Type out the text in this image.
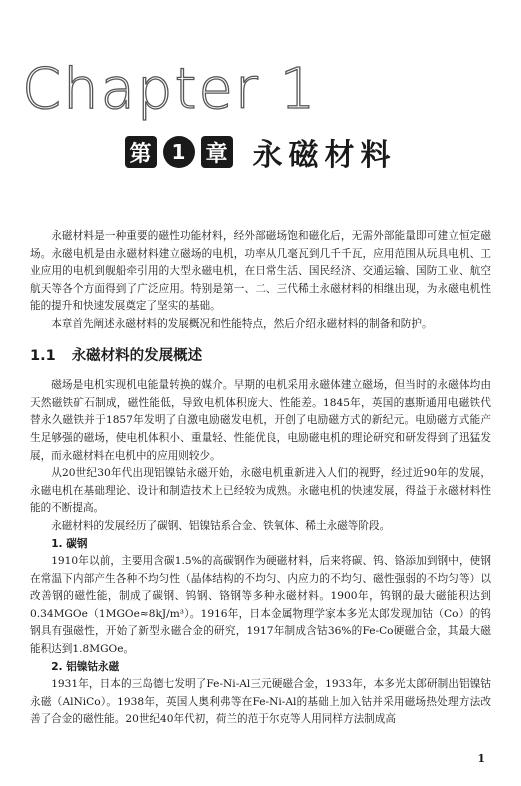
Chapter 1
第	1 章 永磁材料

永磁材料是一种重要的磁性功能材料，经外部磁场饱和磁化后，无需外部能量即可建立恒定磁场。永磁电机是由永磁材料建立磁场的电机，功率从几毫瓦到几千千瓦，应用范围从玩具电机、工业应用的电机到舰船牵引用的大型永磁电机，在日常生活、国民经济、交通运输、国防工业、航空航天等各个方面得到了广泛应用。特别是第一、二、三代稀土永磁材料的相继出现，为永磁电机性能的提升和快速发展奠定了坚实的基础。

本章首先阐述永磁材料的发展概况和性能特点，然后介绍永磁材料的制备和防护。

1.1 永磁材料的发展概述

磁场是电机实现机电能量转换的媒介。早期的电机采用永磁体建立磁场，但当时的永磁体均由天然磁铁矿石制成，磁性能低，导致电机体积庞大、性能差。1845年，英国的惠斯通用电磁铁代替永久磁铁并于1857年发明了自激电励磁发电机，开创了电励磁方式的新纪元。电励磁方式能产生足够强的磁场，使电机体积小、重量轻、性能优良，电励磁电机的理论研究和研发得到了迅猛发展，而永磁材料在电机中的应用则较少。

从20世纪30年代出现铝镍钴永磁开始，永磁电机重新进入人们的视野，经过近90年的发展，永磁电机在基础理论、设计和制造技术上已经较为成熟。永磁电机的快速发展，得益于永磁材料性能的不断提高。

永磁材料的发展经历了碳钢、铝镍钴系合金、铁氧体、稀土永磁等阶段。

1. 碳钢

1910年以前，主要用含碳1.5%的高碳钢作为硬磁材料，后来将碳、钨、铬添加到钢中，使钢在常温下内部产生各种不均匀性（晶体结构的不均匀、内应力的不均匀、磁性强弱的不均匀等）以改善钢的磁性能，制成了碳钢、钨钢、铬钢等多种永磁材料。1900年，钨钢的最大磁能积达到0.34MGOe（1MGOe≈8kJ/m³）。1916年，日本金属物理学家本多光太郎发现加钴（Co）的钨钢具有强磁性，开始了新型永磁合金的研究，1917年制成含钴36%的Fe-Co硬磁合金，其最大磁能积达到1.8MGOe。

2. 铝镍钴永磁

1931年，日本的三岛德七发明了Fe-Ni-Al三元硬磁合金，1933年，本多光太郎研制出铝镍钴永磁（AlNiCo）。1938年，英国人奥利弗等在Fe-Ni-Al的基础上加入钴并采用磁场热处理方法改善了合金的磁性能。20世纪40年代初，荷兰的范于尔克等人用同样方法制成高

1
